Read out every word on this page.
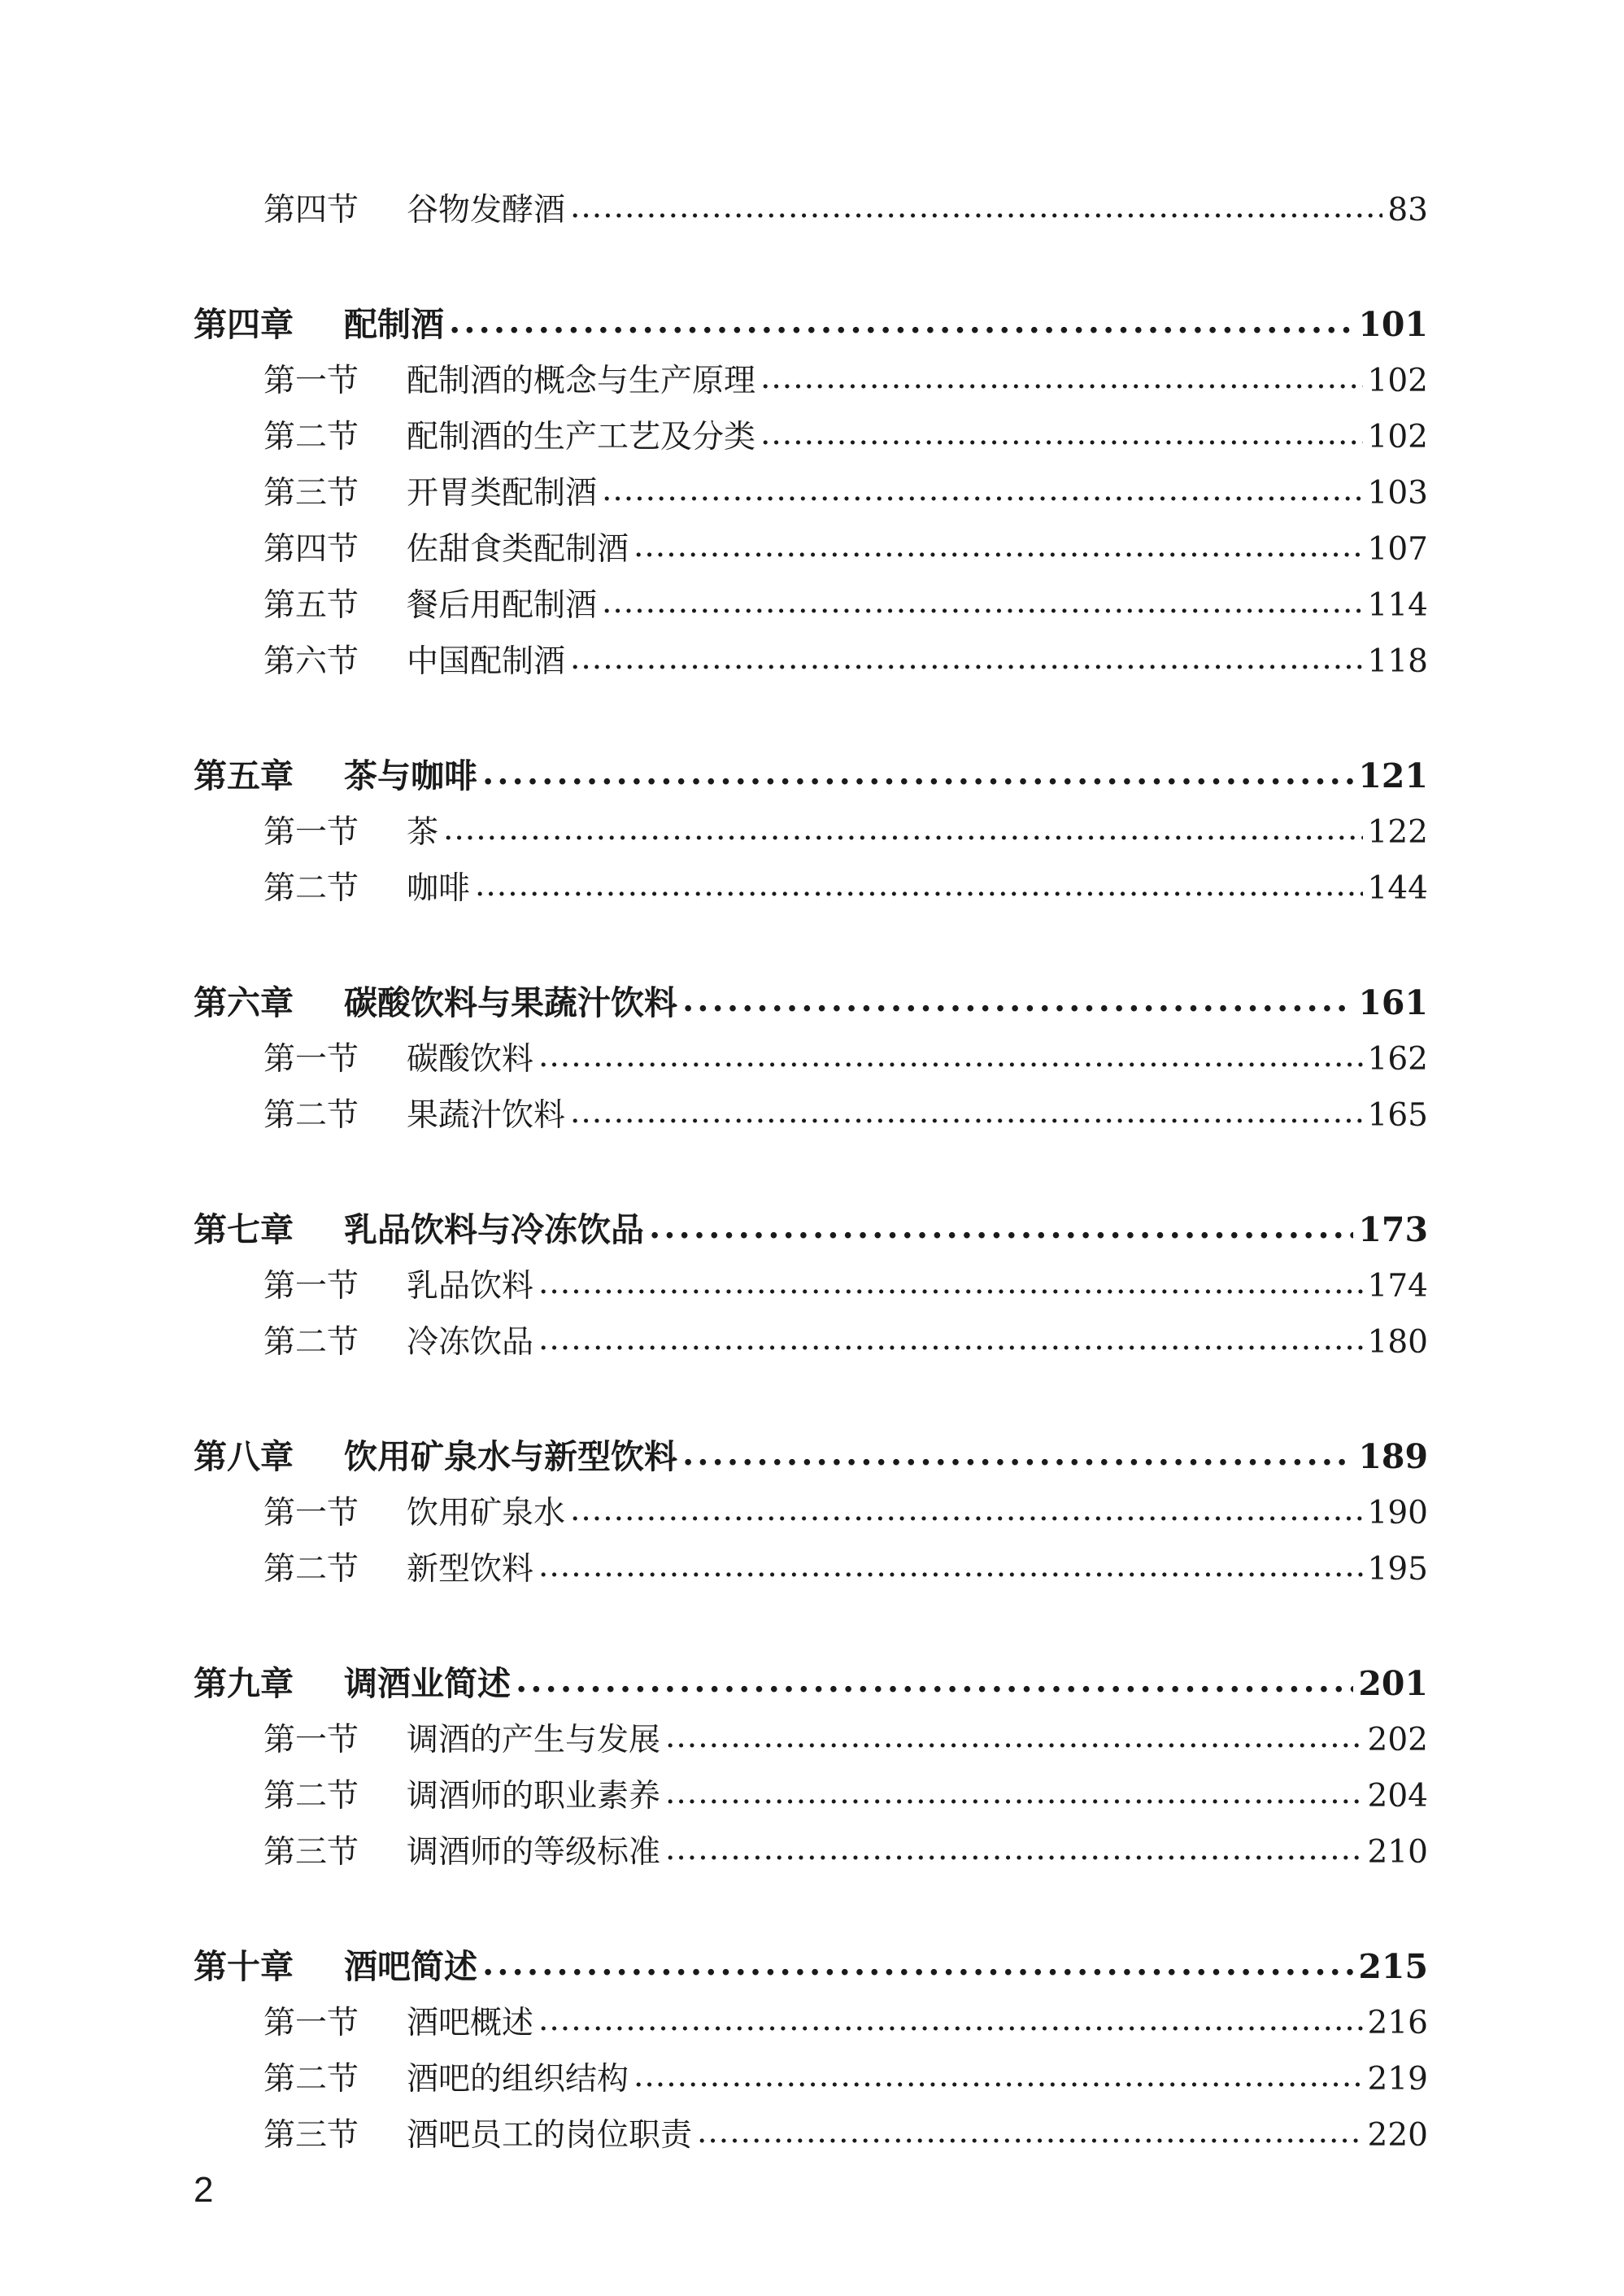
第四节	谷物发酵酒 .....	83
第四章	配制酒 .....	101
第一节	配制酒的概念与生产原理 .....	102
第二节	配制酒的生产工艺及分类 .....	102
第三节	开胃类配制酒 .....	103
第四节	佐甜食类配制酒 .....	107
第五节	餐后用配制酒 .....	114
第六节	中国配制酒 .....	118
第五章	茶与咖啡 .....	121
第一节	茶 .....	122
第二节	咖啡 .....	144
第六章	碳酸饮料与果蔬汁饮料 .....	161
第一节	碳酸饮料 .....	162
第二节	果蔬汁饮料 .....	165
第七章	乳品饮料与冷冻饮品 .....	173
第一节	乳品饮料 .....	174
第二节	冷冻饮品 .....	180
第八章	饮用矿泉水与新型饮料 .....	189
第一节	饮用矿泉水 .....	190
第二节	新型饮料 .....	195
第九章	调酒业简述 .....	201
第一节	调酒的产生与发展 .....	202
第二节	调酒师的职业素养 .....	204
第三节	调酒师的等级标准 .....	210
第十章	酒吧简述 .....	215
第一节	酒吧概述 .....	216
第二节	酒吧的组织结构 .....	219
第三节	酒吧员工的岗位职责 .....	220
2
